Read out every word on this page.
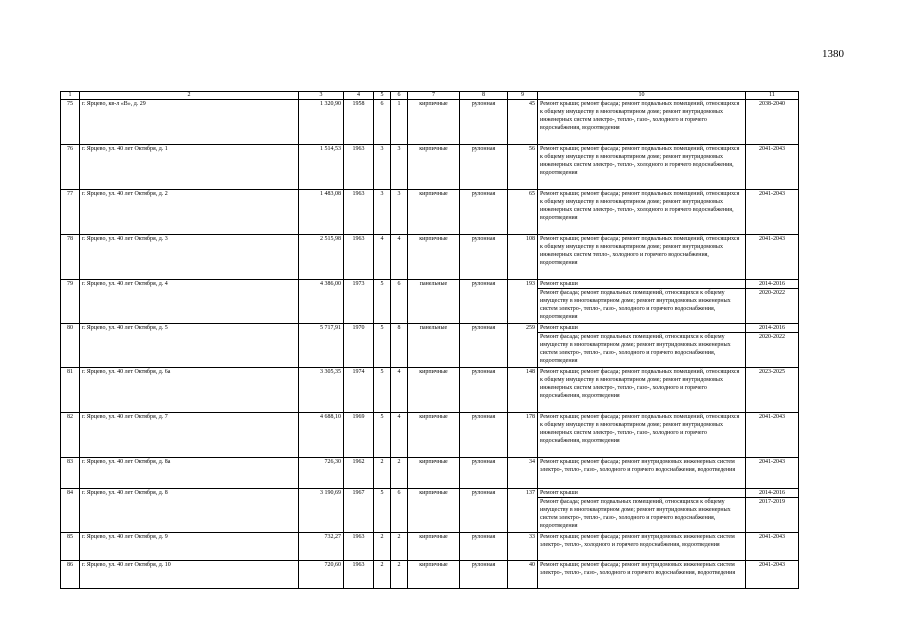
1380
1	2	3	4	5	6	7	8	9	10	11
75	г. Ярцево, кв-л «В», д. 29	1 320,90	1958	6	1	кирпичные	рулонная	45	Ремонт крыши; ремонт фасада; ремонт подвальных помещений, относящихся к общему имуществу в многоквартирном доме; ремонт внутридомовых инженерных систем электро-, тепло-, газо-, холодного и горячего водоснабжения, водоотведения	2038-2040
76	г. Ярцево, ул. 40 лет Октября, д. 1	1 514,53	1963	3	3	кирпичные	рулонная	56	Ремонт крыши; ремонт фасада; ремонт подвальных помещений, относящихся к общему имуществу в многоквартирном доме; ремонт внутридомовых инженерных систем электро-, тепло-, холодного и горячего водоснабжения, водоотведения	2041-2043
77	г. Ярцево, ул. 40 лет Октября, д. 2	1 483,08	1963	3	3	кирпичные	рулонная	65	Ремонт крыши; ремонт фасада; ремонт подвальных помещений, относящихся к общему имуществу в многоквартирном доме; ремонт внутридомовых инженерных систем электро-, тепло-, холодного и горячего водоснабжения, водоотведения	2041-2043
78	г. Ярцево, ул. 40 лет Октября, д. 3	2 515,98	1963	4	4	кирпичные	рулонная	108	Ремонт крыши; ремонт фасада; ремонт подвальных помещений, относящихся к общему имуществу в многоквартирном доме; ремонт внутридомовых инженерных систем тепло-, холодного и горячего водоснабжения, водоотведения	2041-2043
79	г. Ярцево, ул. 40 лет Октября, д. 4	4 386,00	1973	5	6	панельные	рулонная	193	Ремонт крыши	2014-2016
									Ремонт фасада; ремонт подвальных помещений, относящихся к общему имуществу в многоквартирном доме; ремонт внутридомовых инженерных систем электро-, тепло-, газо-, холодного и горячего водоснабжения, водоотведения	2020-2022
80	г. Ярцево, ул. 40 лет Октября, д. 5	5 717,91	1970	5	8	панельные	рулонная	259	Ремонт крыши	2014-2016
									Ремонт фасада; ремонт подвальных помещений, относящихся к общему имуществу в многоквартирном доме; ремонт внутридомовых инженерных систем электро-, тепло-, газо-, холодного и горячего водоснабжения, водоотведения	2020-2022
81	г. Ярцево, ул. 40 лет Октября, д. 6а	3 305,35	1974	5	4	кирпичные	рулонная	148	Ремонт крыши; ремонт фасада; ремонт подвальных помещений, относящихся к общему имуществу в многоквартирном доме; ремонт внутридомовых инженерных систем электро-, тепло-, газо-, холодного и горячего водоснабжения, водоотведения	2023-2025
82	г. Ярцево, ул. 40 лет Октября, д. 7	4 688,10	1969	5	4	кирпичные	рулонная	178	Ремонт крыши; ремонт фасада; ремонт подвальных помещений, относящихся к общему имуществу в многоквартирном доме; ремонт внутридомовых инженерных систем электро-, тепло-, газо-, холодного и горячего водоснабжения, водоотведения	2041-2043
83	г. Ярцево, ул. 40 лет Октября, д. 8а	726,30	1962	2	2	кирпичные	рулонная	34	Ремонт крыши; ремонт фасада; ремонт внутридомовых инженерных систем электро-, тепло-, газо-, холодного и горячего водоснабжения, водоотведения	2041-2043
84	г. Ярцево, ул. 40 лет Октября, д. 8	3 190,69	1967	5	6	кирпичные	рулонная	137	Ремонт крыши	2014-2016
									Ремонт фасада; ремонт подвальных помещений, относящихся к общему имуществу в многоквартирном доме; ремонт внутридомовых инженерных систем электро-, тепло-, газо-, холодного и горячего водоснабжения, водоотведения	2017-2019
85	г. Ярцево, ул. 40 лет Октября, д. 9	732,27	1963	2	2	кирпичные	рулонная	33	Ремонт крыши; ремонт фасада; ремонт внутридомовых инженерных систем электро-, тепло-, холодного и горячего водоснабжения, водоотведения	2041-2043
86	г. Ярцево, ул. 40 лет Октября, д. 10	720,60	1963	2	2	кирпичные	рулонная	40	Ремонт крыши; ремонт фасада; ремонт внутридомовых инженерных систем электро-, тепло-, газо-, холодного и горячего водоснабжения, водоотведения	2041-2043
